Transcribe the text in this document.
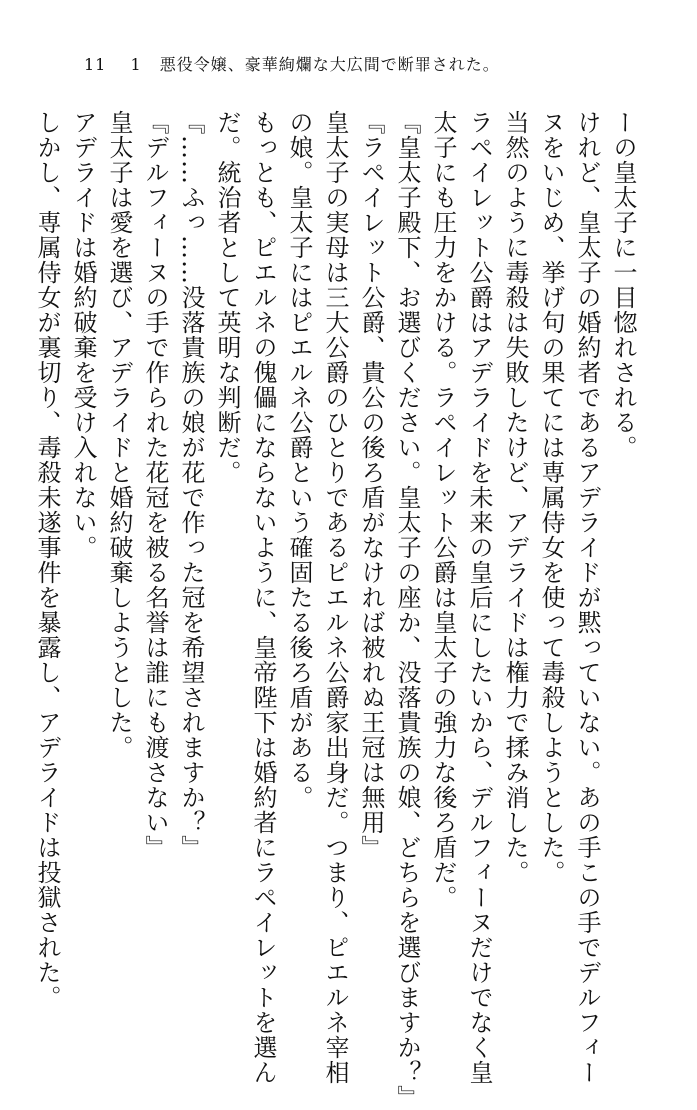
11 1 悪役令嬢、豪華絢爛な大広間で断罪された。
ーの皇太子に一目惚れされる。
けれど、皇太子の婚約者であるアデライドが黙っていない。あの手この手でデルフィー
ヌをいじめ、挙げ句の果てには専属侍女を使って毒殺しようとした。
当然のように毒殺は失敗したけど、アデライドは権力で揉み消した。
ラペイレット公爵はアデライドを未来の皇后にしたいから、デルフィーヌだけでなく皇
太子にも圧力をかける。ラペイレット公爵は皇太子の強力な後ろ盾だ。
『皇太子殿下、お選びください。皇太子の座か、没落貴族の娘、どちらを選びますか？』
『ラペイレット公爵、貴公の後ろ盾がなければ被れぬ王冠は無用』
皇太子の実母は三大公爵のひとりであるピエルネ公爵家出身だ。つまり、ピエルネ宰相
の娘。皇太子にはピエルネ公爵という確固たる後ろ盾がある。
もっとも、ピエルネの傀儡にならないように、皇帝陛下は婚約者にラペイレットを選ん
だ。統治者として英明な判断だ。
『……ふっ……没落貴族の娘が花で作った冠を希望されますか？』
『デルフィーヌの手で作られた花冠を被る名誉は誰にも渡さない』
皇太子は愛を選び、アデライドと婚約破棄しようとした。
アデライドは婚約破棄を受け入れない。
しかし、専属侍女が裏切り、毒殺未遂事件を暴露し、アデライドは投獄された。
